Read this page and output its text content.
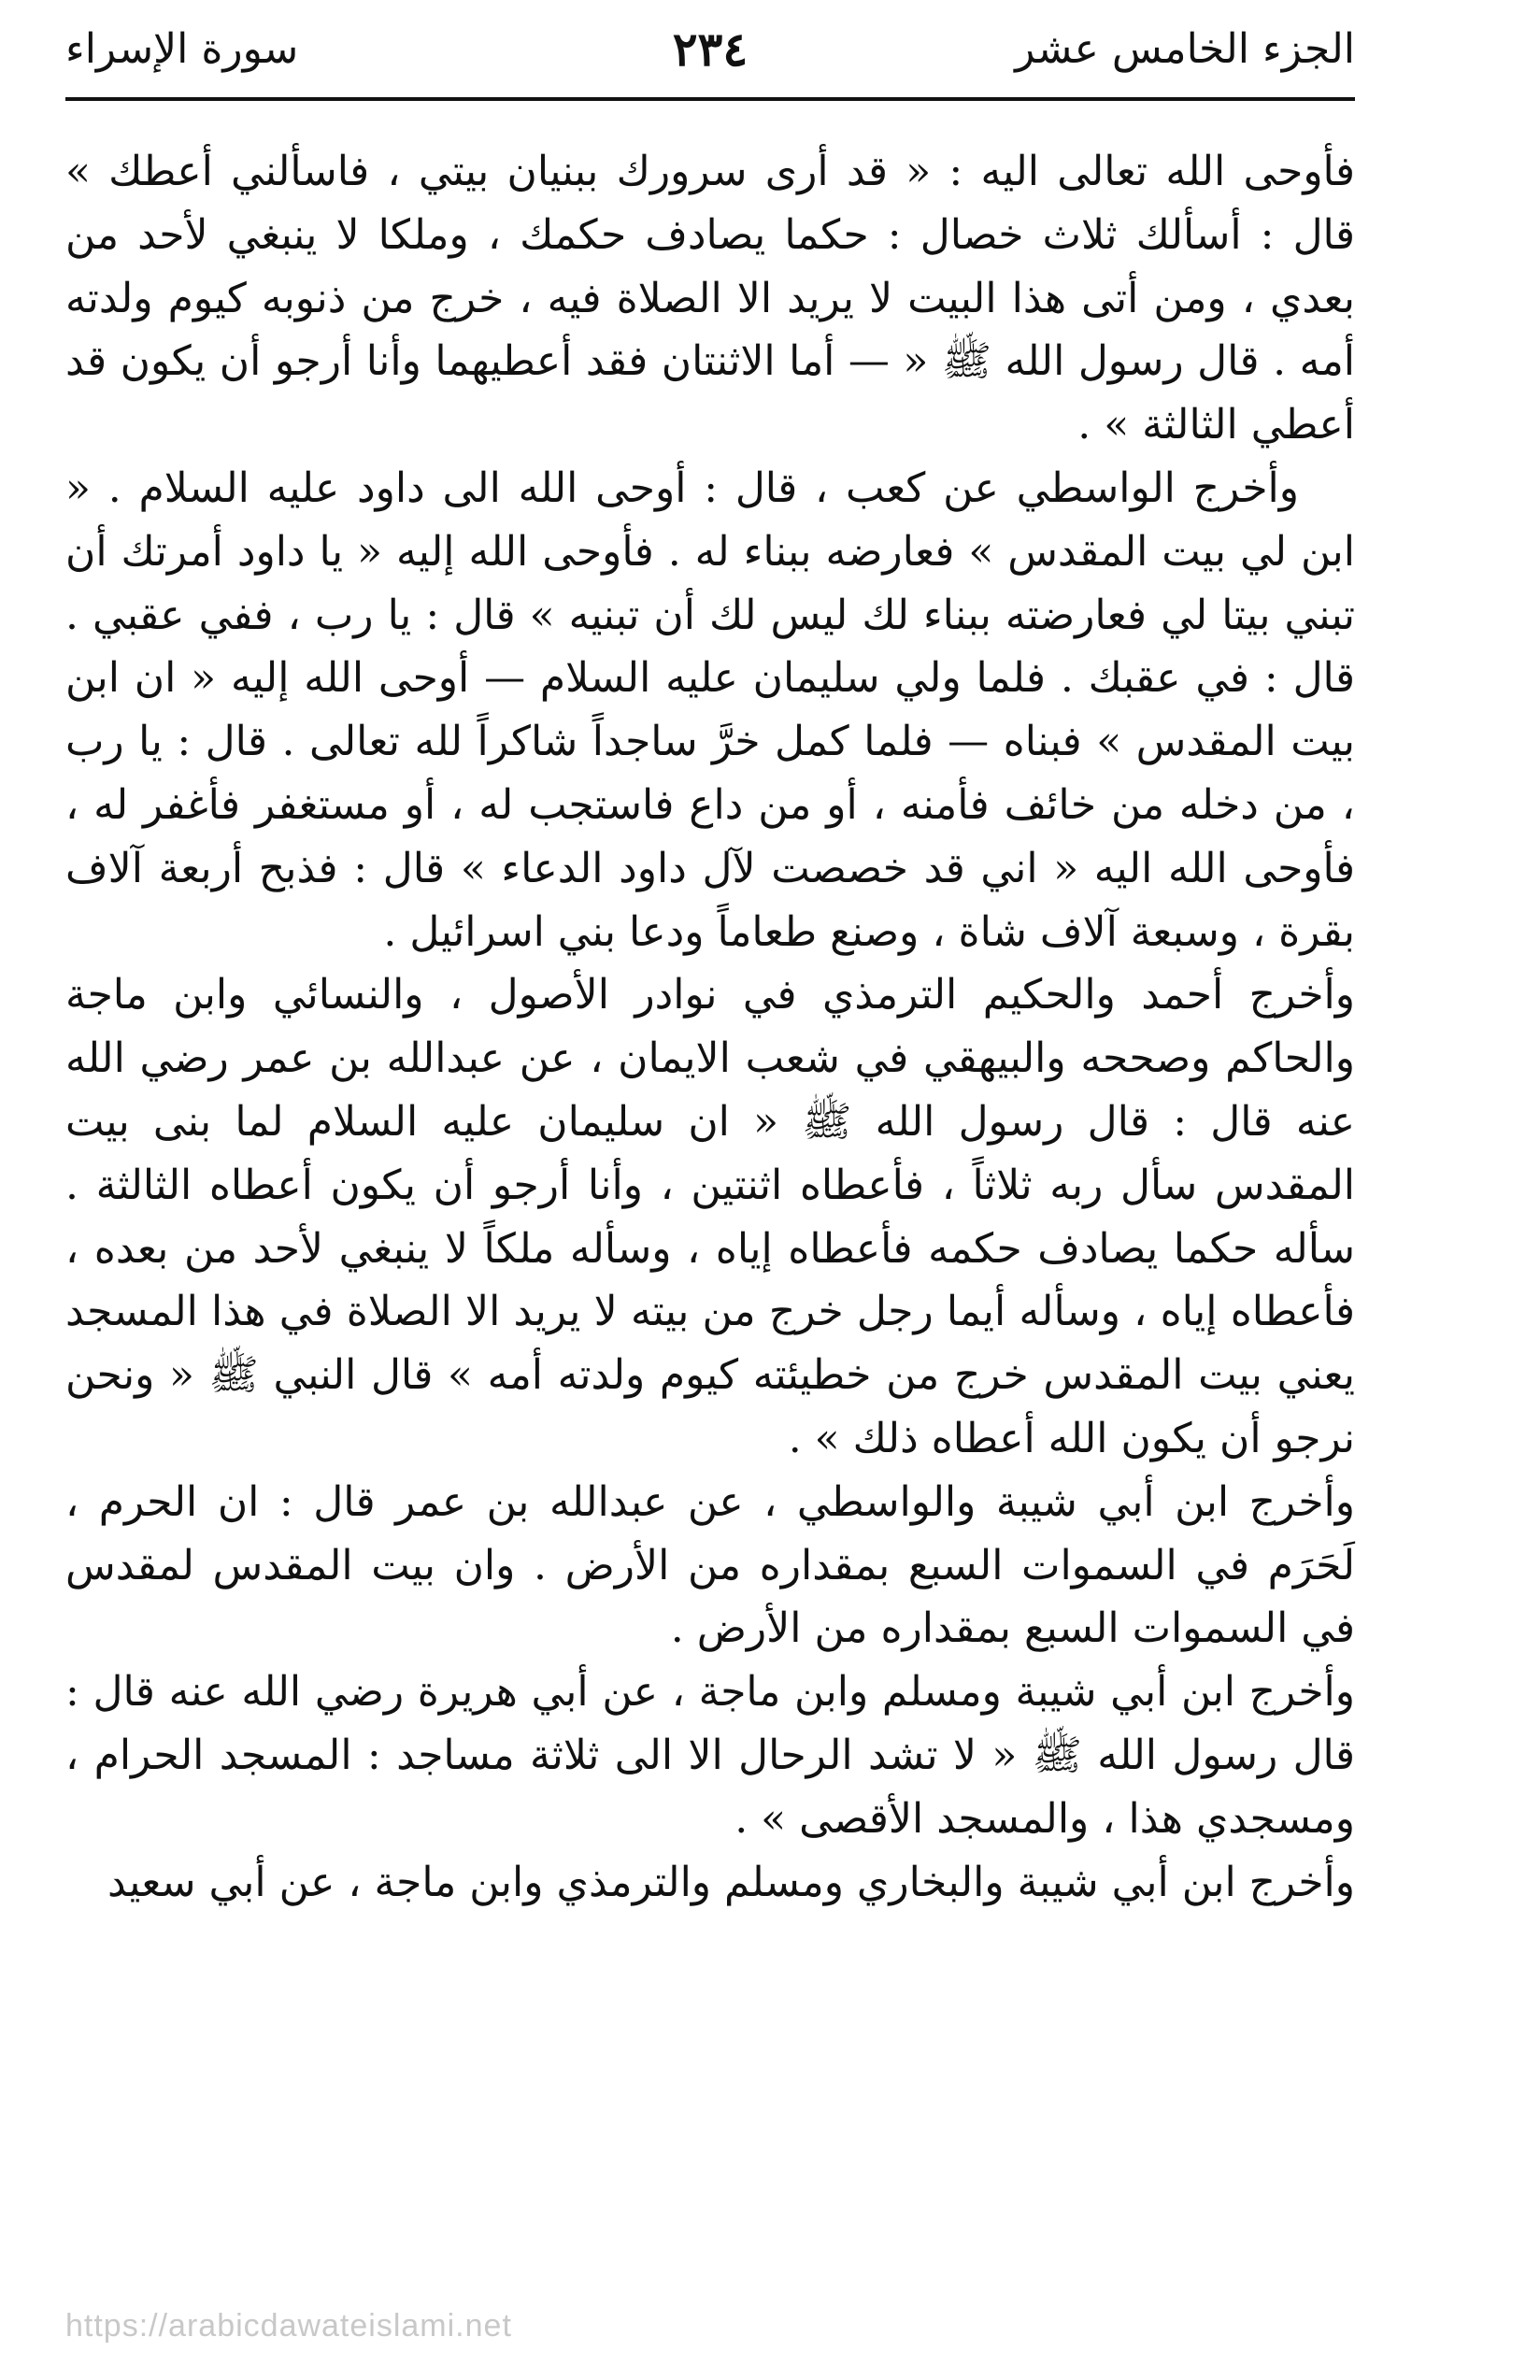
الجزء الخامس عشر
٢٣٤
سورة الإسراء

فأوحى الله تعالى اليه : « قد أرى سرورك ببنيان بيتي ، فاسألني أعطك » قال : أسألك ثلاث خصال : حكما يصادف حكمك ، وملكا لا ينبغي لأحد من بعدي ، ومن أتى هذا البيت لا يريد الا الصلاة فيه ، خرج من ذنوبه كيوم ولدته أمه . قال رسول الله ﷺ « — أما الاثنتان فقد أعطيهما وأنا أرجو أن يكون قد أعطي الثالثة » .

وأخرج الواسطي عن كعب ، قال : أوحى الله الى داود عليه السلام . « ابن لي بيت المقدس » فعارضه ببناء له . فأوحى الله إليه « يا داود أمرتك أن تبني بيتا لي فعارضته ببناء لك ليس لك أن تبنيه » قال : يا رب ، ففي عقبي . قال : في عقبك . فلما ولي سليمان عليه السلام — أوحى الله إليه « ان ابن بيت المقدس » فبناه — فلما كمل خرَّ ساجداً شاكراً لله تعالى . قال : يا رب ، من دخله من خائف فأمنه ، أو من داع فاستجب له ، أو مستغفر فأغفر له ، فأوحى الله اليه « اني قد خصصت لآل داود الدعاء » قال : فذبح أربعة آلاف بقرة ، وسبعة آلاف شاة ، وصنع طعاماً ودعا بني اسرائيل .

وأخرج أحمد والحكيم الترمذي في نوادر الأصول ، والنسائي وابن ماجة والحاكم وصححه والبيهقي في شعب الايمان ، عن عبدالله بن عمر رضي الله عنه قال : قال رسول الله ﷺ « ان سليمان عليه السلام لما بنى بيت المقدس سأل ربه ثلاثاً ، فأعطاه اثنتين ، وأنا أرجو أن يكون أعطاه الثالثة . سأله حكما يصادف حكمه فأعطاه إياه ، وسأله ملكاً لا ينبغي لأحد من بعده ، فأعطاه إياه ، وسأله أيما رجل خرج من بيته لا يريد الا الصلاة في هذا المسجد يعني بيت المقدس خرج من خطيئته كيوم ولدته أمه » قال النبي ﷺ « ونحن نرجو أن يكون الله أعطاه ذلك » .

وأخرج ابن أبي شيبة والواسطي ، عن عبدالله بن عمر قال : ان الحرم ، لَحَرَم في السموات السبع بمقداره من الأرض . وان بيت المقدس لمقدس في السموات السبع بمقداره من الأرض .

وأخرج ابن أبي شيبة ومسلم وابن ماجة ، عن أبي هريرة رضي الله عنه قال : قال رسول الله ﷺ « لا تشد الرحال الا الى ثلاثة مساجد : المسجد الحرام ، ومسجدي هذا ، والمسجد الأقصى » .

وأخرج ابن أبي شيبة والبخاري ومسلم والترمذي وابن ماجة ، عن أبي سعيد

https://arabicdawateislami.net
